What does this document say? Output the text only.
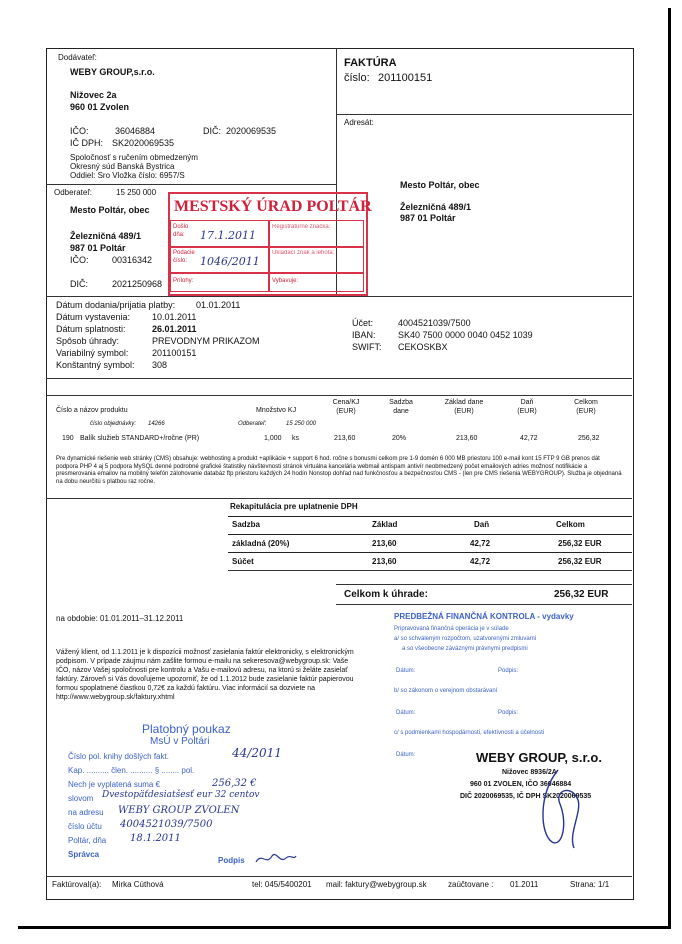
Dodávateľ:
WEBY GROUP,s.r.o.
Nižovec 2a
960 01 Zvolen
IČO:	36046884	DIČ: 2020069535
IČ DPH: SK2020069535
Spoločnosť s ručením obmedzeným
Okresný súd Banská Bystrica
Oddiel: Sro Vložka číslo: 6957/S
FAKTÚRA
číslo: 201100151
Adresát:
Mesto Poltár, obec
Železničná 489/1
987 01 Poltár
Odberateľ:	15 250 000
Mesto Poltár, obec
Železničná 489/1
987 01 Poltár
IČO:	00316342
DIČ:	2021250968
MESTSKÝ ÚRAD POLTÁR
Došlo dňa:	17.1.2011
Registratúrne značka:
Podacie číslo:	1046/2011
Ukladací znak a lehota:
Prílohy:	Vybavuje:
Dátum dodania/prijatia platby: 01.01.2011
Dátum vystavenia: 10.01.2011
Dátum splatnosti:	26.01.2011
Spôsob úhrady:	PREVODNYM PRIKAZOM
Variabilný symbol:	201100151
Konštantný symbol: 308
Účet:	4004521039/7500
IBAN: SK40 7500 0000 0040 0452 1039
SWIFT: CEKOSKBX
Číslo a názov produktu	Množstvo KJ
Cena/KJ (EUR)
Sadzba dane
Základ dane (EUR)
Daň (EUR)
Celkom (EUR)
číslo objednávky: 14266	Odberateľ:	15 250 000
190 Balík služieb STANDARD+/ročne (PR)	1,000 ks	213,60	20%	213,60	42,72	256,32
Pre dynamické riešenie web stránky (CMS) obsahuje: webhosting a produkt +aplikácie + support 6 hod. ročne s bonusmi celkom pre 1-9 domén 6 000 MB priestoru 100 e-mail kont 15 FTP 9 GB prenos dát podpora PHP 4 aj 5 podpora MySQL denné podrobné grafické štatistiky návštevnosti stránok virtuálna kancelária webmail antispam antivír neobmedzený počet emailových adries možnosť notifikácie a presmerovania emailov na mobilný telefón zálohovanie databáz ftp priestoru každých 24 hodín Nonstop dohľad nad funkčnosťou a bezpečnosťou CMS - (len pre CMS riešenia WEBYGROUP). Služba je objednaná na dobu neurčitú s platbou raz ročne.
Rekapitulácia pre uplatnenie DPH
Sadzba	Základ	Daň	Celkom
základná (20%)	213,60	42,72	256,32 EUR
Súčet	213,60	42,72	256,32 EUR
Celkom k úhrade:	256,32 EUR
na obdobie: 01.01.2011–31.12.2011
Vážený klient, od 1.1.2011 je k dispozícii možnosť zasielania faktúr elektronicky, s elektronickým podpisom. V prípade záujmu nám zašlite formou e-mailu na sekeresova@webygroup.sk: Vaše IČO, názov Vašej spoločnosti pre kontrolu a Vašu e-mailovú adresu, na ktorú si želáte zasielať faktúry. Zároveň si Vás dovoľujeme upozorniť, že od 1.1.2012 bude zasielanie faktúr papierovou formou spoplatnené čiastkou 0,72€ za každú faktúru. Viac informácií sa dozviete na http://www.webygroup.sk/faktury.xhtml
PREDBEŽNÁ FINANČNÁ KONTROLA - vydavky
Pripravovaná finančná operácia je v súlade
a/ so schváleným rozpočtom, uzatvorenými zmluvami
a so všeobecne záväznými právnymi predpismi
Dátum:	Podpis:
b/ so zákonom o verejnom obstarávaní
Dátum:	Podpis:
c/ s podmienkami hospodárnosti, efektívnosti a účelnosti
Dátum:	WEBY GROUP, s.r.o.
Nižovec 8936/2A
960 01 ZVOLEN, IČO 36046884
DIČ 2020069535, IČ DPH SK2020069535
Platobný poukaz
MsÚ v Poltári
Číslo pol. knihy došlých fakt.	44/2011
Kap. .......... člen. .......... § ........ pol.
Nech je vyplatená suma €	256,32 €
slovom Dvestopäťdesiatšesť eur 32 centov
na adresu WEBY GROUP ZVOLEN
číslo účtu 4004521039/7500
Poltár, dňa 18.1.2011
Správca
Podpis
Faktúroval(a): Mirka Cúthová	tel: 045/5400201 mail: faktury@webygroup.sk	zaúčtovane : 01.2011	Strana: 1/1
